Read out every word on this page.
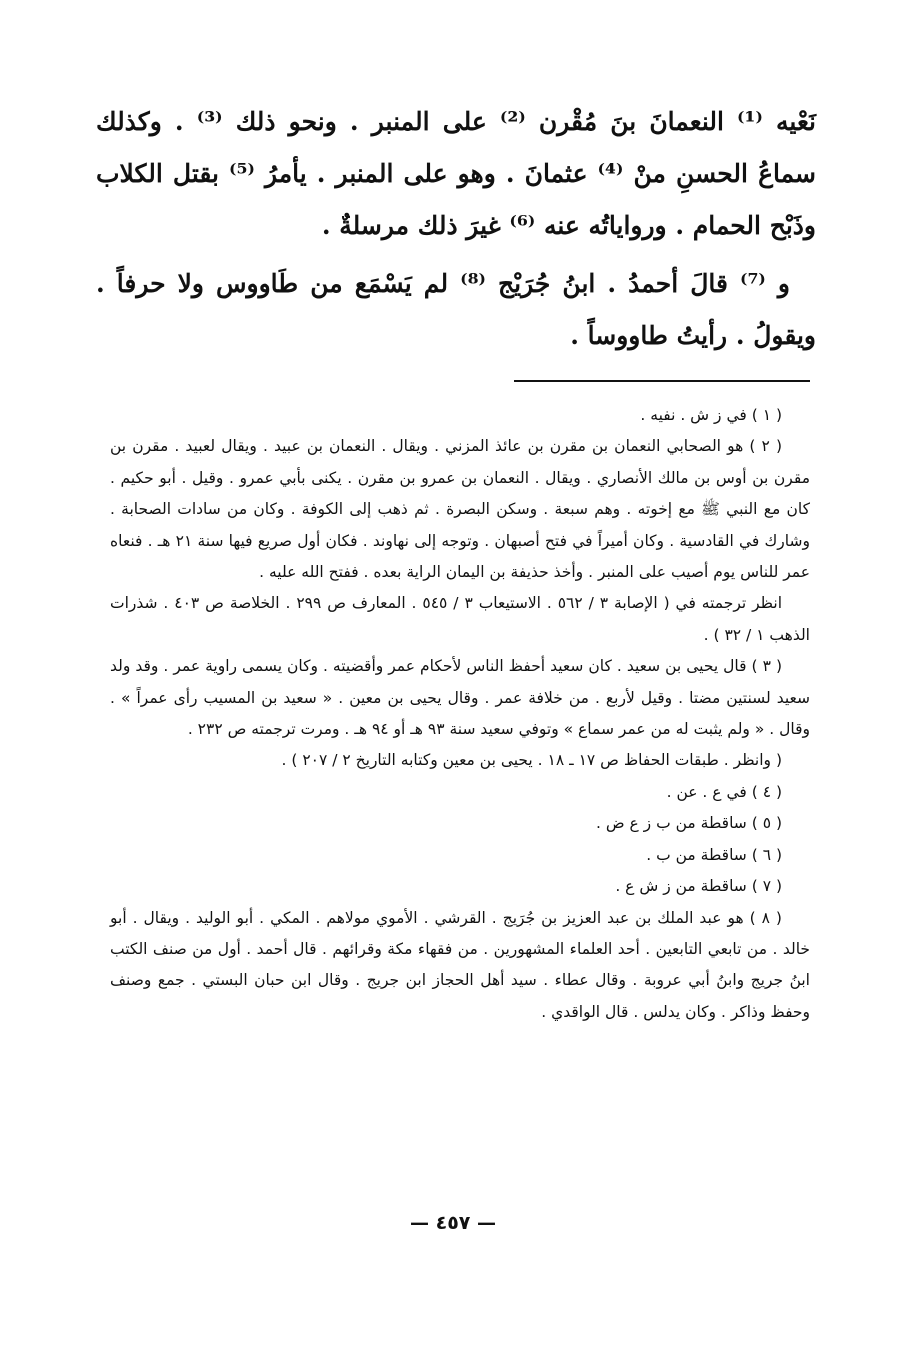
نَعْيه ⁽¹⁾ النعمانَ بنَ مُقْرن ⁽²⁾ على المنبر . ونحو ذلك ⁽³⁾ . وكذلك سماعُ الحسنِ منْ ⁽⁴⁾ عثمانَ . وهو على المنبر . يأمرُ ⁽⁵⁾ بقتل الكلاب وذَبْح الحمام . ورواياتُه عنه ⁽⁶⁾ غيرَ ذلك مرسلةٌ .

و ⁽⁷⁾ قالَ أحمدُ . ابنُ جُرَيْج ⁽⁸⁾ لم يَسْمَع من طَاووس ولا حرفاً . ويقولُ . رأيتُ طاووساً .

( ١ ) في ز ش . نفيه .

( ٢ ) هو الصحابي النعمان بن مقرن بن عائذ المزني . ويقال . النعمان بن عبيد . ويقال لعبيد . مقرن بن مقرن بن أوس بن مالك الأنصاري . ويقال . النعمان بن عمرو بن مقرن . يكنى بأبي عمرو . وقيل . أبو حكيم . كان مع النبي ﷺ مع إخوته . وهم سبعة . وسكن البصرة . ثم ذهب إلى الكوفة . وكان من سادات الصحابة . وشارك في القادسية . وكان أميراً في فتح أصبهان . وتوجه إلى نهاوند . فكان أول صريع فيها سنة ٢١ هـ . فنعاه عمر للناس يوم أصيب على المنبر . وأخذ حذيفة بن اليمان الراية بعده . ففتح الله عليه .

انظر ترجمته في ( الإصابة ٣ / ٥٦٢ . الاستيعاب ٣ / ٥٤٥ . المعارف ص ٢٩٩ . الخلاصة ص ٤٠٣ . شذرات الذهب ١ / ٣٢ ) .

( ٣ ) قال يحيى بن سعيد . كان سعيد أحفظ الناس لأحكام عمر وأقضيته . وكان يسمى راوية عمر . وقد ولد سعيد لسنتين مضتا . وقيل لأربع . من خلافة عمر . وقال يحيى بن معين . « سعيد بن المسيب رأى عمراً » . وقال . « ولم يثبت له من عمر سماع » وتوفي سعيد سنة ٩٣ هـ أو ٩٤ هـ . ومرت ترجمته ص ٢٣٢ .

( وانظر . طبقات الحفاظ ص ١٧ ـ ١٨ . يحيى بن معين وكتابه التاريخ ٢ / ٢٠٧ ) .

( ٤ ) في ع . عن .

( ٥ ) ساقطة من ب ز ع ض .

( ٦ ) ساقطة من ب .

( ٧ ) ساقطة من ز ش ع .

( ٨ ) هو عبد الملك بن عبد العزيز بن جُرَيج . القرشي . الأموي مولاهم . المكي . أبو الوليد . ويقال . أبو خالد . من تابعي التابعين . أحد العلماء المشهورين . من فقهاء مكة وقرائهم . قال أحمد . أول من صنف الكتب ابنُ جريج وابنُ أبي عروبة . وقال عطاء . سيد أهل الحجاز ابن جريج . وقال ابن حبان البستي . جمع وصنف وحفظ وذاكر . وكان يدلس . قال الواقدي .

— ٤٥٧ —
